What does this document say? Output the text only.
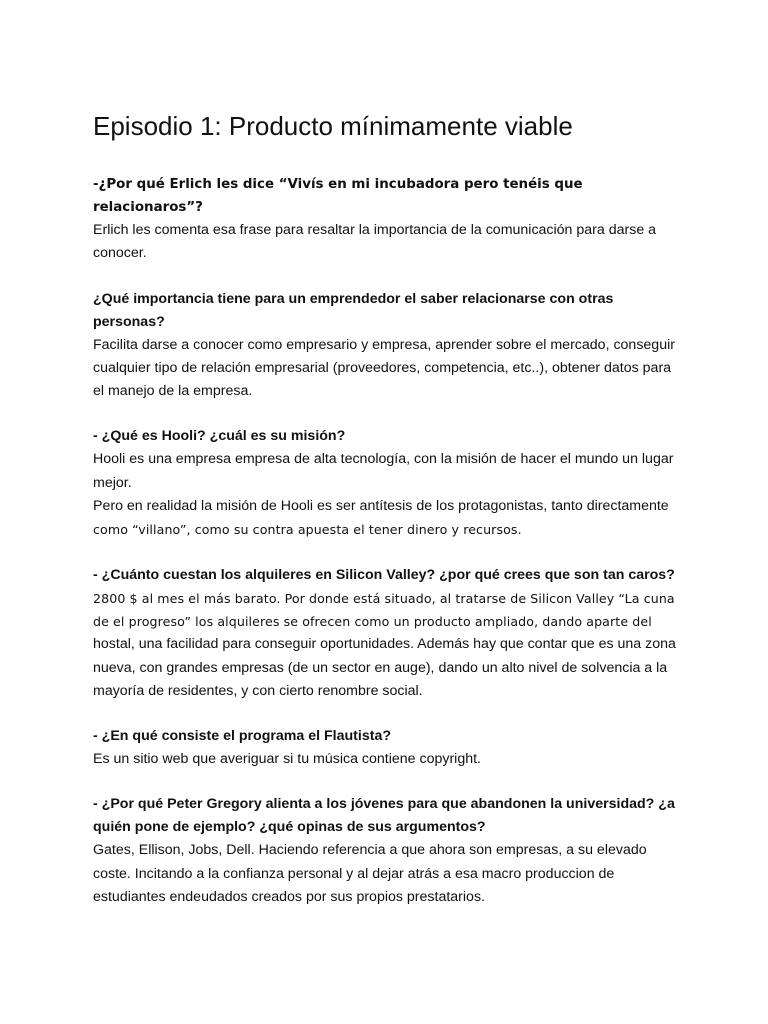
Episodio 1: Producto mínimamente viable

-¿Por qué Erlich les dice “Vivís en mi incubadora pero tenéis que relacionaros”?

Erlich les comenta esa frase para resaltar la importancia de la comunicación para darse a conocer.

¿Qué importancia tiene para un emprendedor el saber relacionarse con otras personas?

Facilita darse a conocer como empresario y empresa, aprender sobre el mercado, conseguir cualquier tipo de relación empresarial (proveedores, competencia, etc..), obtener datos para el manejo de la empresa.

- ¿Qué es Hooli? ¿cuál es su misión?

Hooli es una empresa empresa de alta tecnología, con la misión de hacer el mundo un lugar mejor.

Pero en realidad la misión de Hooli es ser antítesis de los protagonistas, tanto directamente

como “villano”, como su contra apuesta el tener dinero y recursos.

- ¿Cuánto cuestan los alquileres en Silicon Valley? ¿por qué crees que son tan caros?

2800 $ al mes el más barato. Por donde está situado, al tratarse de Silicon Valley “La cuna de el progreso” los alquileres se ofrecen como un producto ampliado, dando aparte del

hostal, una facilidad para conseguir oportunidades. Además hay que contar que es una zona nueva, con grandes empresas (de un sector en auge), dando un alto nivel de solvencia a la mayoría de residentes, y con cierto renombre social.

- ¿En qué consiste el programa el Flautista?

Es un sitio web que averiguar si tu música contiene copyright.

- ¿Por qué Peter Gregory alienta a los jóvenes para que abandonen la universidad? ¿a quién pone de ejemplo? ¿qué opinas de sus argumentos?

Gates, Ellison, Jobs, Dell. Haciendo referencia a que ahora son empresas, a su elevado coste. Incitando a la confianza personal y al dejar atrás a esa macro produccion de estudiantes endeudados creados por sus propios prestatarios.
